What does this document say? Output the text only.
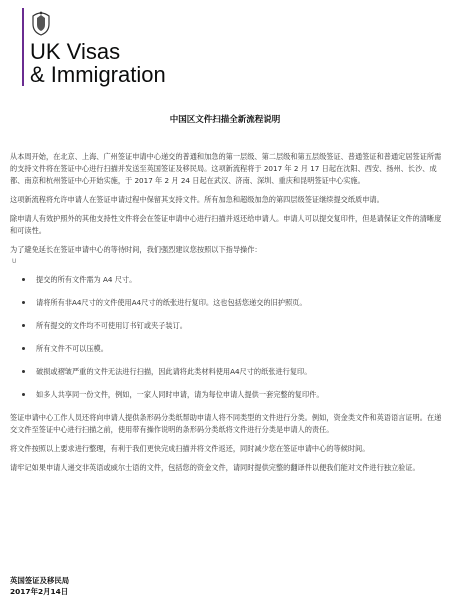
UK Visas
& Immigration
中国区文件扫描全新流程说明

从本周开始，在北京、上海、广州签证申请中心递交的普通和加急的第一层级、第二层级和第五层级签证、普通签证和普通定居签证所需的支持文件将在签证中心进行扫描并发送至英国签证及移民局。这项新流程将于 2017 年 2 月 17 日起在沈阳、西安、扬州、长沙、成都、南京和杭州签证中心开始实施，于 2017 年 2 月 24 日起在武汉、济南、深圳、重庆和昆明签证中心实施。

这项新流程将允许申请人在签证申请过程中保留其支持文件。所有加急和超级加急的第四层级签证继续提交纸质申请。

除申请人有效护照外的其他支持性文件将会在签证申请中心进行扫描并返还给申请人。申请人可以提交复印件，但是请保证文件的清晰度和可读性。

为了避免延长在签证申请中心的等待时间，我们强烈建议您按照以下指导操作：

U
提交的所有文件需为 A4 尺寸。
请将所有非A4尺寸的文件使用A4尺寸的纸张进行复印。这也包括您递交的旧护照页。
所有提交的文件均不可使用订书钉或夹子装订。
所有文件不可以压模。
破损或褶皱严重的文件无法进行扫描，因此请将此类材料使用A4尺寸的纸张进行复印。
如多人共享同一份文件，例如，一家人同时申请，请为每位申请人提供一套完整的复印件。

签证申请中心工作人员还将向申请人提供条形码分类纸帮助申请人将不同类型的文件进行分类。例如，资金类文件和英语语言证明。在递交文件至签证中心进行扫描之前，使用带有操作说明的条形码分类纸将文件进行分类是申请人的责任。

将文件按照以上要求进行整理，有利于我们更快完成扫描并将文件返还，同时减少您在签证申请中心的等候时间。

请牢记如果申请人递交非英语或威尔士语的文件，包括您的资金文件，请同时提供完整的翻译件以便我们能对文件进行独立验证。

英国签证及移民局
2017年2月14日
